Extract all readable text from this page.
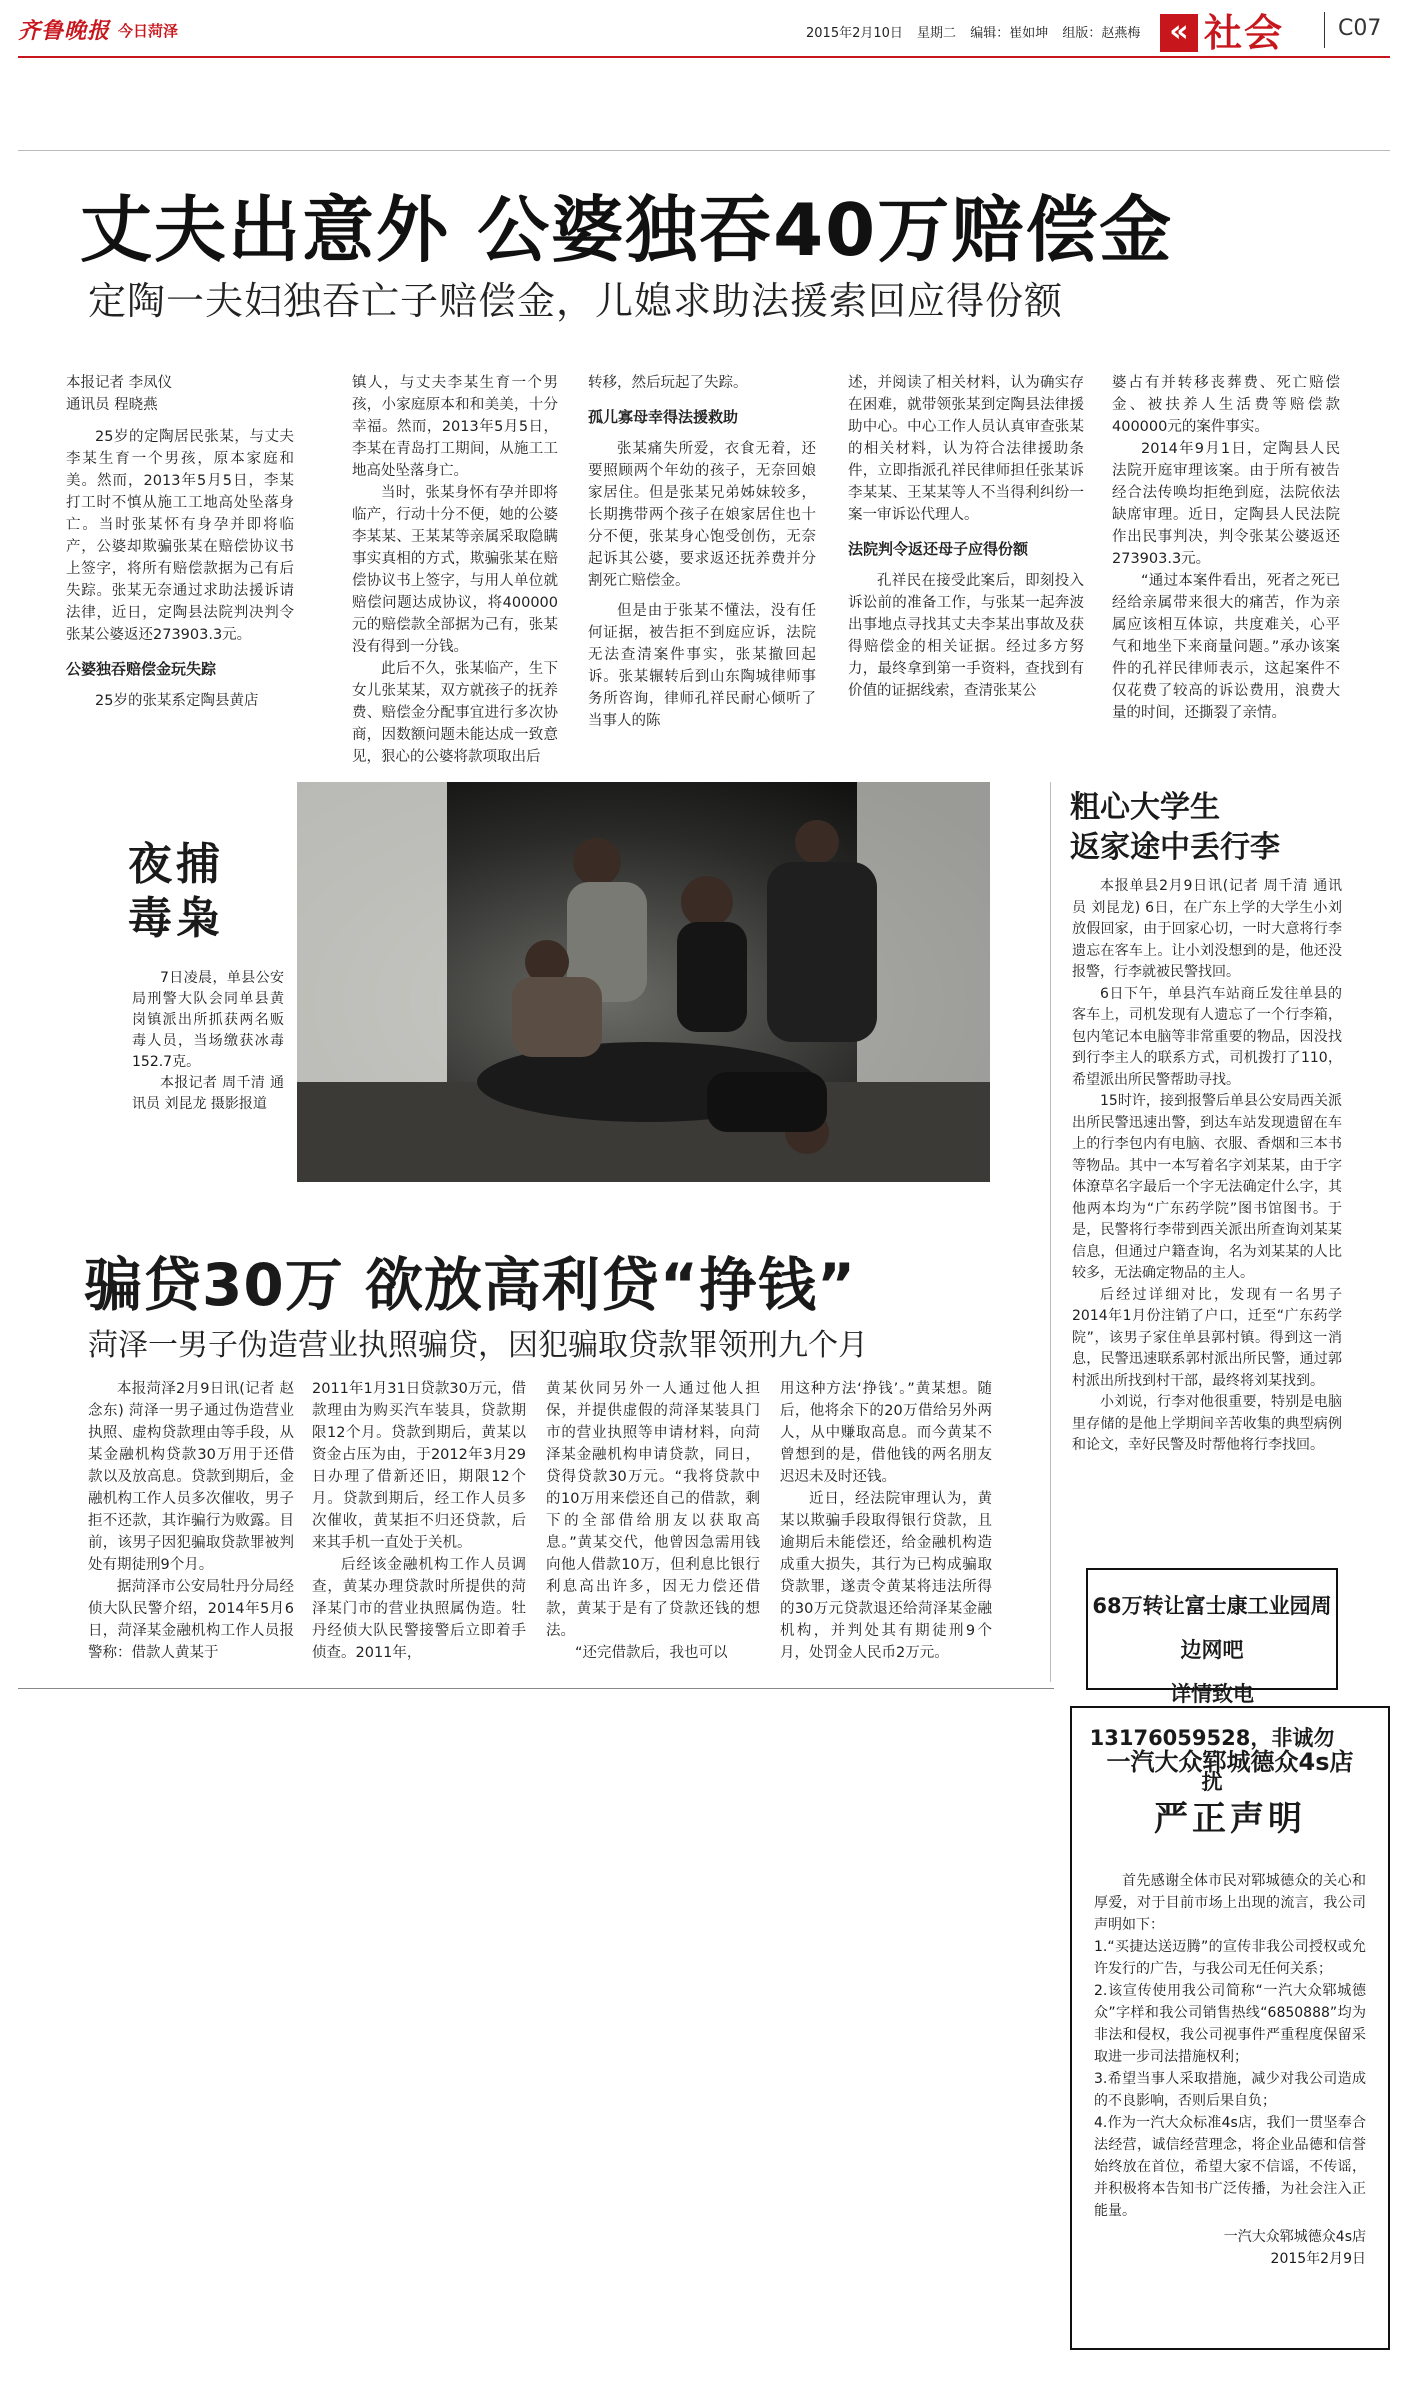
齐鲁晚报 今日菏泽	2015年2月10日 星期二 编辑：崔如坤 组版：赵燕梅 « 社会 C07
丈夫出意外 公婆独吞40万赔偿金
定陶一夫妇独吞亡子赔偿金，儿媳求助法援索回应得份额

本报记者 李凤仪

通讯员 程晓燕

25岁的定陶居民张某，与丈夫李某生育一个男孩，原本家庭和美。然而，2013年5月5日，李某打工时不慎从施工工地高处坠落身亡。当时张某怀有身孕并即将临产，公婆却欺骗张某在赔偿协议书上签字，将所有赔偿款据为己有后失踪。张某无奈通过求助法援诉请法律，近日，定陶县法院判决判令张某公婆返还273903.3元。

公婆独吞赔偿金玩失踪

25岁的张某系定陶县黄店

镇人，与丈夫李某生育一个男孩，小家庭原本和和美美，十分幸福。然而，2013年5月5日，李某在青岛打工期间，从施工工地高处坠落身亡。

当时，张某身怀有孕并即将临产，行动十分不便，她的公婆李某某、王某某等亲属采取隐瞒事实真相的方式，欺骗张某在赔偿协议书上签字，与用人单位就赔偿问题达成协议，将400000元的赔偿款全部据为己有，张某没有得到一分钱。

此后不久，张某临产，生下女儿张某某，双方就孩子的抚养费、赔偿金分配事宜进行多次协商，因数额问题未能达成一致意见，狠心的公婆将款项取出后

转移，然后玩起了失踪。

孤儿寡母幸得法援救助

张某痛失所爱，衣食无着，还要照顾两个年幼的孩子，无奈回娘家居住。但是张某兄弟姊妹较多，长期携带两个孩子在娘家居住也十分不便，张某身心饱受创伤，无奈起诉其公婆，要求返还抚养费并分割死亡赔偿金。

但是由于张某不懂法，没有任何证据，被告拒不到庭应诉，法院无法查清案件事实，张某撤回起诉。张某辗转后到山东陶城律师事务所咨询，律师孔祥民耐心倾听了当事人的陈

述，并阅读了相关材料，认为确实存在困难，就带领张某到定陶县法律援助中心。中心工作人员认真审查张某的相关材料，认为符合法律援助条件，立即指派孔祥民律师担任张某诉李某某、王某某等人不当得利纠纷一案一审诉讼代理人。

法院判令返还母子应得份额

孔祥民在接受此案后，即刻投入诉讼前的准备工作，与张某一起奔波出事地点寻找其丈夫李某出事故及获得赔偿金的相关证据。经过多方努力，最终拿到第一手资料，查找到有价值的证据线索，查清张某公

婆占有并转移丧葬费、死亡赔偿金、被扶养人生活费等赔偿款400000元的案件事实。

2014年9月1日，定陶县人民法院开庭审理该案。由于所有被告经合法传唤均拒绝到庭，法院依法缺席审理。近日，定陶县人民法院作出民事判决，判令张某公婆返还273903.3元。

“通过本案件看出，死者之死已经给亲属带来很大的痛苦，作为亲属应该相互体谅，共度难关，心平气和地坐下来商量问题。”承办该案件的孔祥民律师表示，这起案件不仅花费了较高的诉讼费用，浪费大量的时间，还撕裂了亲情。

夜捕
毒枭

7日凌晨，单县公安局刑警大队会同单县黄岗镇派出所抓获两名贩毒人员，当场缴获冰毒152.7克。

本报记者 周千清 通讯员 刘昆龙 摄影报道

骗贷30万 欲放高利贷“挣钱”
菏泽一男子伪造营业执照骗贷，因犯骗取贷款罪领刑九个月

本报菏泽2月9日讯(记者 赵念东) 菏泽一男子通过伪造营业执照、虚构贷款理由等手段，从某金融机构贷款30万用于还借款以及放高息。贷款到期后，金融机构工作人员多次催收，男子拒不还款，其诈骗行为败露。目前，该男子因犯骗取贷款罪被判处有期徒刑9个月。

据菏泽市公安局牡丹分局经侦大队民警介绍，2014年5月6日，菏泽某金融机构工作人员报警称：借款人黄某于

2011年1月31日贷款30万元，借款理由为购买汽车装具，贷款期限12个月。贷款到期后，黄某以资金占压为由，于2012年3月29日办理了借新还旧，期限12个月。贷款到期后，经工作人员多次催收，黄某拒不归还贷款，后来其手机一直处于关机。

后经该金融机构工作人员调查，黄某办理贷款时所提供的菏泽某门市的营业执照属伪造。牡丹经侦大队民警接警后立即着手侦查。2011年，

黄某伙同另外一人通过他人担保，并提供虚假的菏泽某装具门市的营业执照等申请材料，向菏泽某金融机构申请贷款，同日，贷得贷款30万元。“我将贷款中的10万用来偿还自己的借款，剩下的全部借给朋友以获取高息。”黄某交代，他曾因急需用钱向他人借款10万，但利息比银行利息高出许多，因无力偿还借款，黄某于是有了贷款还钱的想法。

“还完借款后，我也可以

用这种方法‘挣钱’。”黄某想。随后，他将余下的20万借给另外两人，从中赚取高息。而今黄某不曾想到的是，借他钱的两名朋友迟迟未及时还钱。

近日，经法院审理认为，黄某以欺骗手段取得银行贷款，且逾期后未能偿还，给金融机构造成重大损失，其行为已构成骗取贷款罪，遂责令黄某将违法所得的30万元贷款退还给菏泽某金融机构，并判处其有期徒刑9个月，处罚金人民币2万元。

粗心大学生
返家途中丢行李

本报单县2月9日讯(记者 周千清 通讯员 刘昆龙) 6日，在广东上学的大学生小刘放假回家，由于回家心切，一时大意将行李遗忘在客车上。让小刘没想到的是，他还没报警，行李就被民警找回。

6日下午，单县汽车站商丘发往单县的客车上，司机发现有人遗忘了一个行李箱，包内笔记本电脑等非常重要的物品，因没找到行李主人的联系方式，司机拨打了110，希望派出所民警帮助寻找。

15时许，接到报警后单县公安局西关派出所民警迅速出警，到达车站发现遗留在车上的行李包内有电脑、衣服、香烟和三本书等物品。其中一本写着名字刘某某，由于字体潦草名字最后一个字无法确定什么字，其他两本均为“广东药学院”图书馆图书。于是，民警将行李带到西关派出所查询刘某某信息，但通过户籍查询，名为刘某某的人比较多，无法确定物品的主人。

后经过详细对比，发现有一名男子2014年1月份注销了户口，迁至“广东药学院”，该男子家住单县郭村镇。得到这一消息，民警迅速联系郭村派出所民警，通过郭村派出所找到村干部，最终将刘某找到。

小刘说，行李对他很重要，特别是电脑里存储的是他上学期间辛苦收集的典型病例和论文，幸好民警及时帮他将行李找回。

68万转让富士康工业园周边网吧
详情致电13176059528，非诚勿扰
一汽大众郓城德众4s店
严正声明

首先感谢全体市民对郓城德众的关心和厚爱，对于目前市场上出现的流言，我公司声明如下：

1.“买捷达送迈腾”的宣传非我公司授权或允许发行的广告，与我公司无任何关系；

2.该宣传使用我公司简称“一汽大众郓城德众”字样和我公司销售热线“6850888”均为非法和侵权，我公司视事件严重程度保留采取进一步司法措施权利；

3.希望当事人采取措施，减少对我公司造成的不良影响，否则后果自负；

4.作为一汽大众标准4s店，我们一贯坚奉合法经营，诚信经营理念，将企业品德和信誉始终放在首位，希望大家不信谣，不传谣，并积极将本告知书广泛传播，为社会注入正能量。

一汽大众郓城德众4s店
2015年2月9日
